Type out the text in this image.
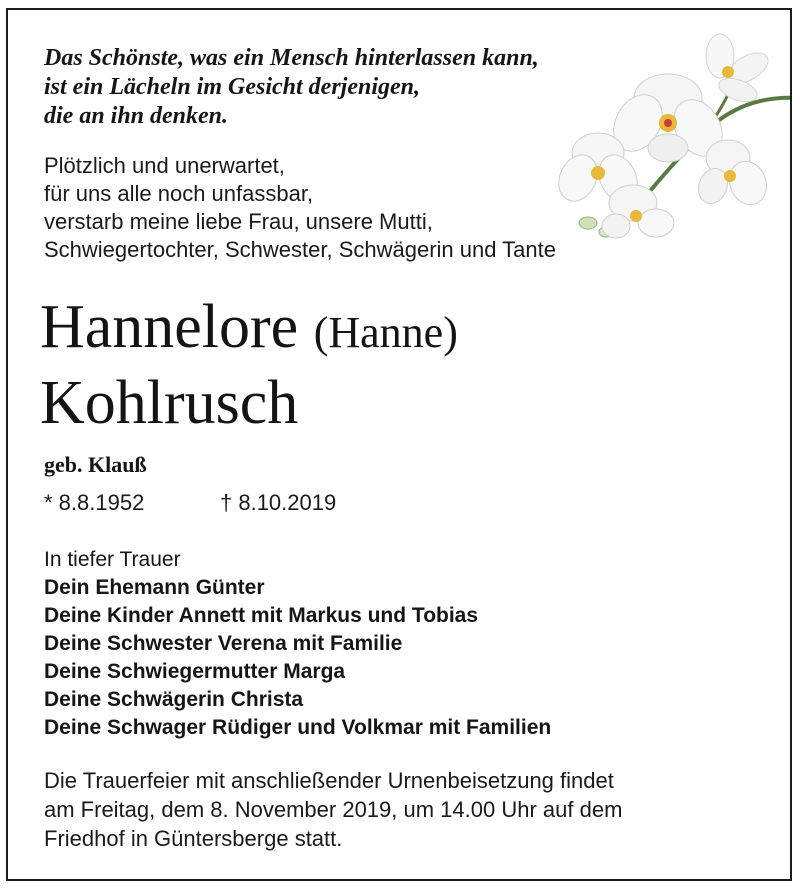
Das Schönste, was ein Mensch hinterlassen kann,
ist ein Lächeln im Gesicht derjenigen,
die an ihn denken.
Plötzlich und unerwartet,
für uns alle noch unfassbar,
verstarb meine liebe Frau, unsere Mutti,
Schwiegertochter, Schwester, Schwägerin und Tante
Hannelore (Hanne)
Kohlrusch
geb. Klauß
* 8.8.1952	† 8.10.2019
In tiefer Trauer
Dein Ehemann Günter
Deine Kinder Annett mit Markus und Tobias
Deine Schwester Verena mit Familie
Deine Schwiegermutter Marga
Deine Schwägerin Christa
Deine Schwager Rüdiger und Volkmar mit Familien
Die Trauerfeier mit anschließender Urnenbeisetzung findet
am Freitag, dem 8. November 2019, um 14.00 Uhr auf dem
Friedhof in Güntersberge statt.
